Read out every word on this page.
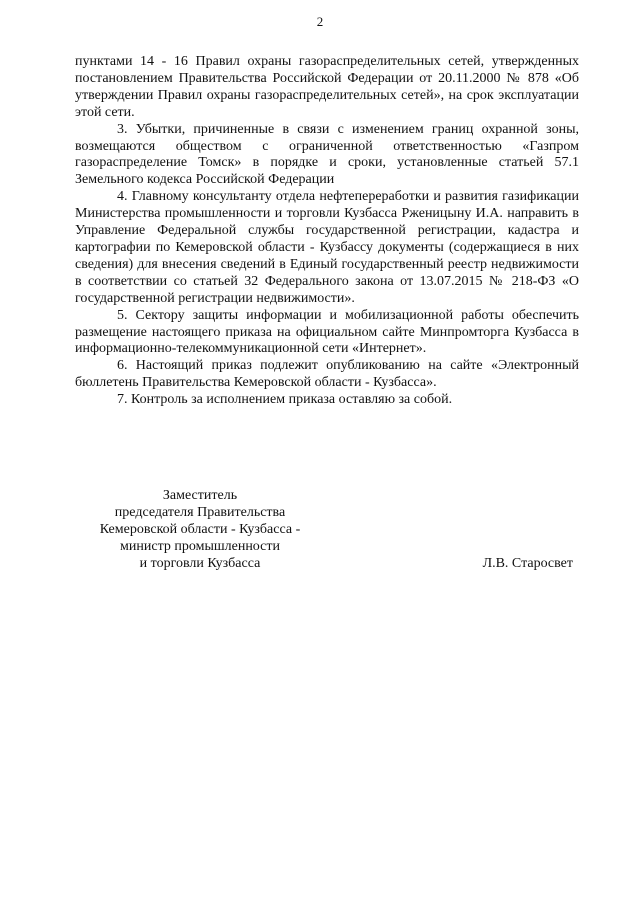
2

пунктами 14 - 16 Правил охраны газораспределительных сетей, утвержденных постановлением Правительства Российской Федерации от 20.11.2000 № 878 «Об утверждении Правил охраны газораспределительных сетей», на срок эксплуатации этой сети.

3. Убытки, причиненные в связи с изменением границ охранной зоны, возмещаются обществом с ограниченной ответственностью «Газпром газораспределение Томск» в порядке и сроки, установленные статьей 57.1 Земельного кодекса Российской Федерации

4. Главному консультанту отдела нефтепереработки и развития газификации Министерства промышленности и торговли Кузбасса Рженицыну И.А. направить в Управление Федеральной службы государственной регистрации, кадастра и картографии по Кемеровской области - Кузбассу документы (содержащиеся в них сведения) для внесения сведений в Единый государственный реестр недвижимости в соответствии со статьей 32 Федерального закона от 13.07.2015 № 218-ФЗ «О государственной регистрации недвижимости».

5. Сектору защиты информации и мобилизационной работы обеспечить размещение настоящего приказа на официальном сайте Минпромторга Кузбасса в информационно-телекоммуникационной сети «Интернет».

6. Настоящий приказ подлежит опубликованию на сайте «Электронный бюллетень Правительства Кемеровской области - Кузбасса».

7. Контроль за исполнением приказа оставляю за собой.

Заместитель
председателя Правительства
Кемеровской области - Кузбасса -
министр промышленности
и торговли Кузбасса	Л.В. Старосвет
